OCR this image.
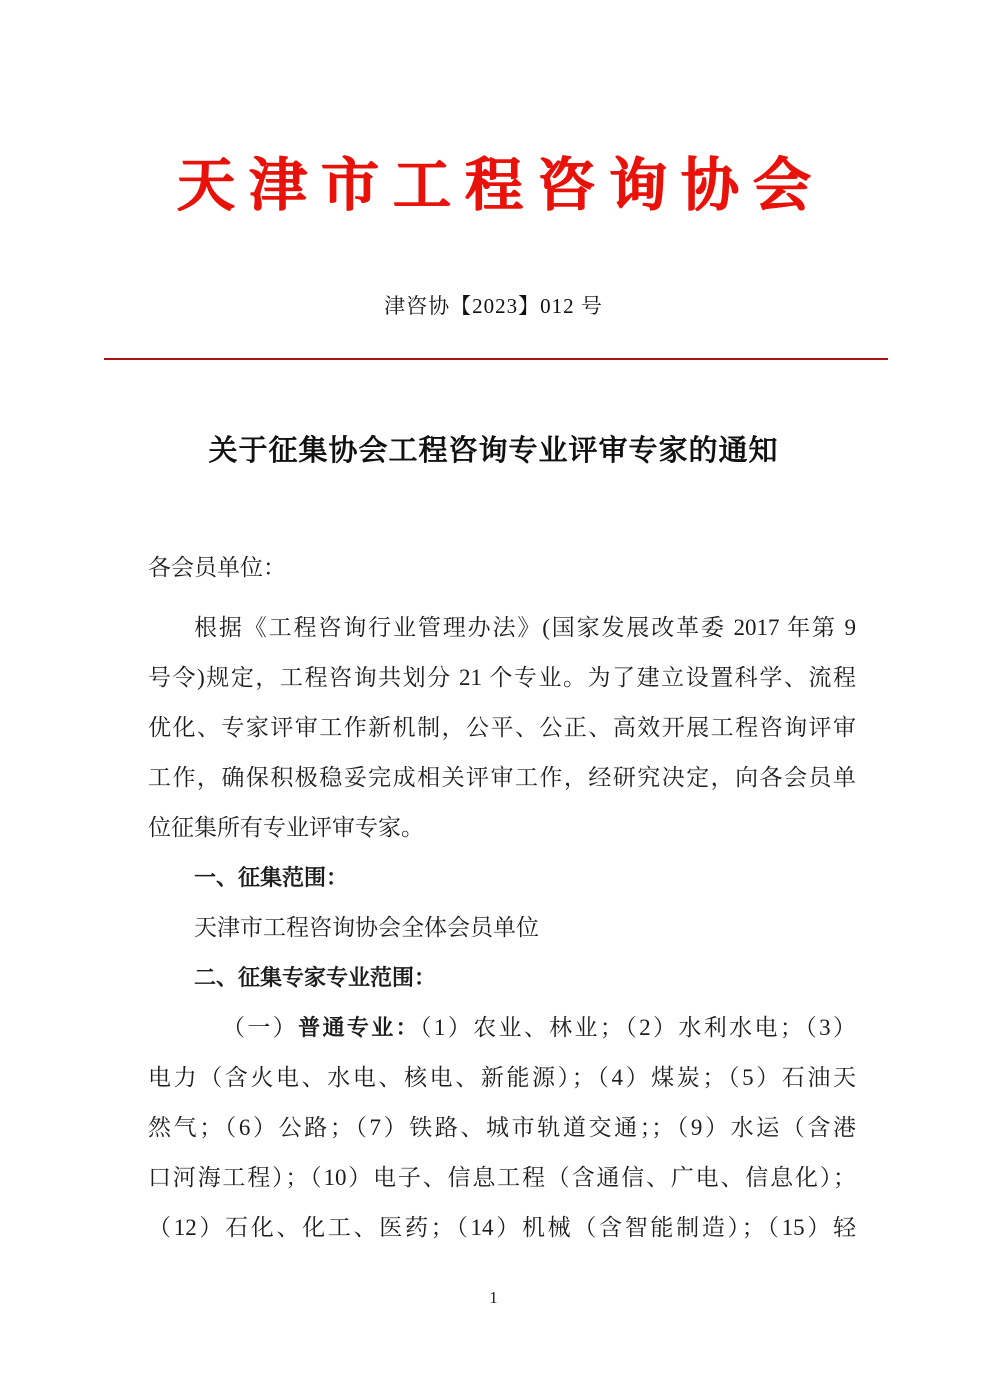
天津市工程咨询协会
津咨协【2023】012 号
关于征集协会工程咨询专业评审专家的通知
各会员单位：
根据《工程咨询行业管理办法》(国家发展改革委 2017 年第 9
号令)规定，工程咨询共划分 21 个专业。为了建立设置科学、流程
优化、专家评审工作新机制，公平、公正、高效开展工程咨询评审
工作，确保积极稳妥完成相关评审工作，经研究决定，向各会员单
位征集所有专业评审专家。
一、征集范围：
天津市工程咨询协会全体会员单位
二、征集专家专业范围：
（一）普通专业：（1）农业、林业；（2）水利水电；（3）
电力（含火电、水电、核电、新能源）；（4）煤炭；（5）石油天
然气；（6）公路；（7）铁路、城市轨道交通；；（9）水运（含港
口河海工程）；（10）电子、信息工程（含通信、广电、信息化）；
（12）石化、化工、医药；（14）机械（含智能制造）；（15）轻
1
